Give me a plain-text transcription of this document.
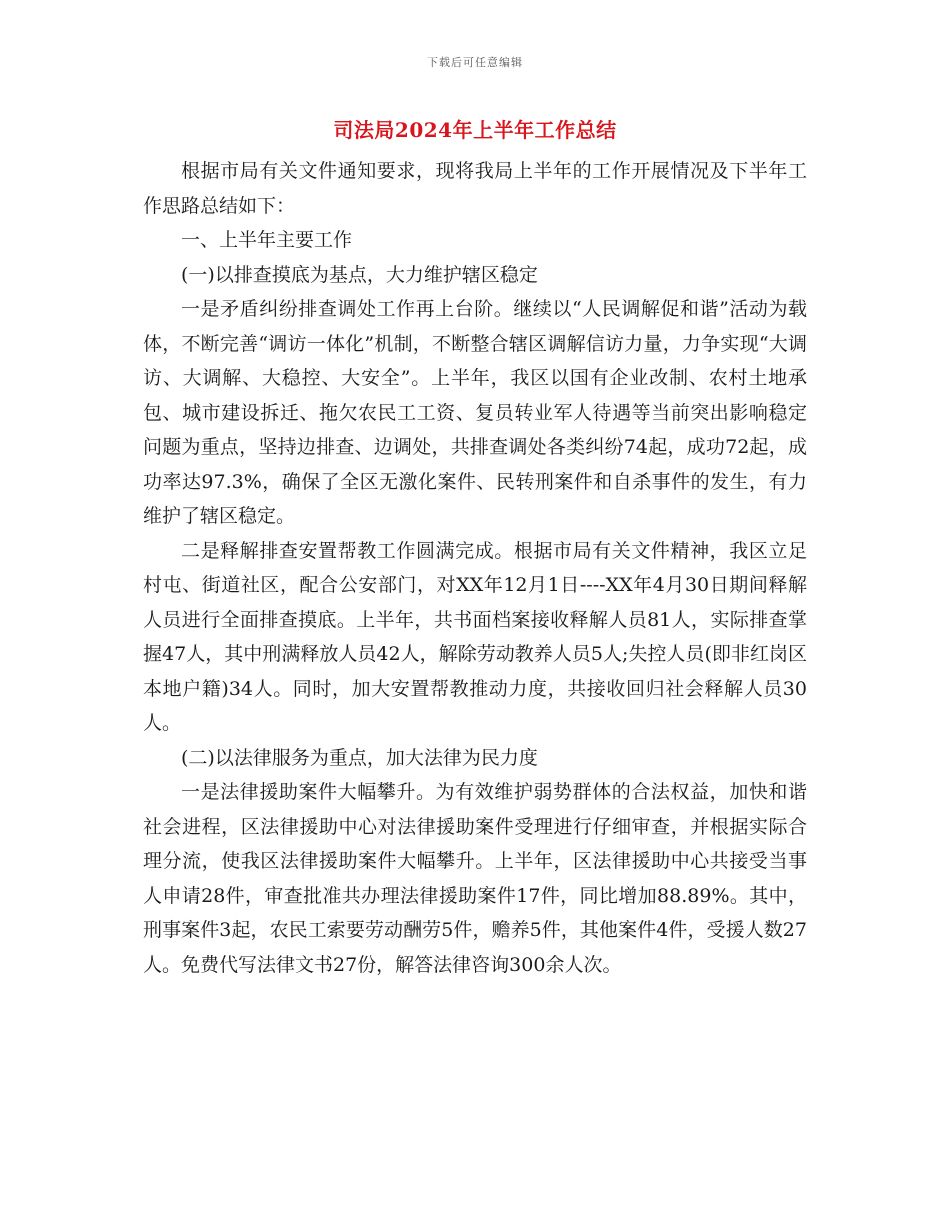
下载后可任意编辑
司法局2024年上半年工作总结

根据市局有关文件通知要求，现将我局上半年的工作开展情况及下半年工作思路总结如下：

一、上半年主要工作

(一)以排查摸底为基点，大力维护辖区稳定

一是矛盾纠纷排查调处工作再上台阶。继续以“人民调解促和谐”活动为载体，不断完善“调访一体化”机制，不断整合辖区调解信访力量，力争实现“大调访、大调解、大稳控、大安全”。上半年，我区以国有企业改制、农村土地承包、城市建设拆迁、拖欠农民工工资、复员转业军人待遇等当前突出影响稳定问题为重点，坚持边排查、边调处，共排查调处各类纠纷74起，成功72起，成功率达97.3%，确保了全区无激化案件、民转刑案件和自杀事件的发生，有力维护了辖区稳定。

二是释解排查安置帮教工作圆满完成。根据市局有关文件精神，我区立足村屯、街道社区，配合公安部门，对XX年12月1日----XX年4月30日期间释解人员进行全面排查摸底。上半年，共书面档案接收释解人员81人，实际排查掌握47人，其中刑满释放人员42人，解除劳动教养人员5人;失控人员(即非红岗区本地户籍)34人。同时，加大安置帮教推动力度，共接收回归社会释解人员30人。

(二)以法律服务为重点，加大法律为民力度

一是法律援助案件大幅攀升。为有效维护弱势群体的合法权益，加快和谐社会进程，区法律援助中心对法律援助案件受理进行仔细审查，并根据实际合理分流，使我区法律援助案件大幅攀升。上半年，区法律援助中心共接受当事人申请28件，审查批准共办理法律援助案件17件，同比增加88.89%。其中，刑事案件3起，农民工索要劳动酬劳5件，赡养5件，其他案件4件，受援人数27人。免费代写法律文书27份，解答法律咨询300余人次。
